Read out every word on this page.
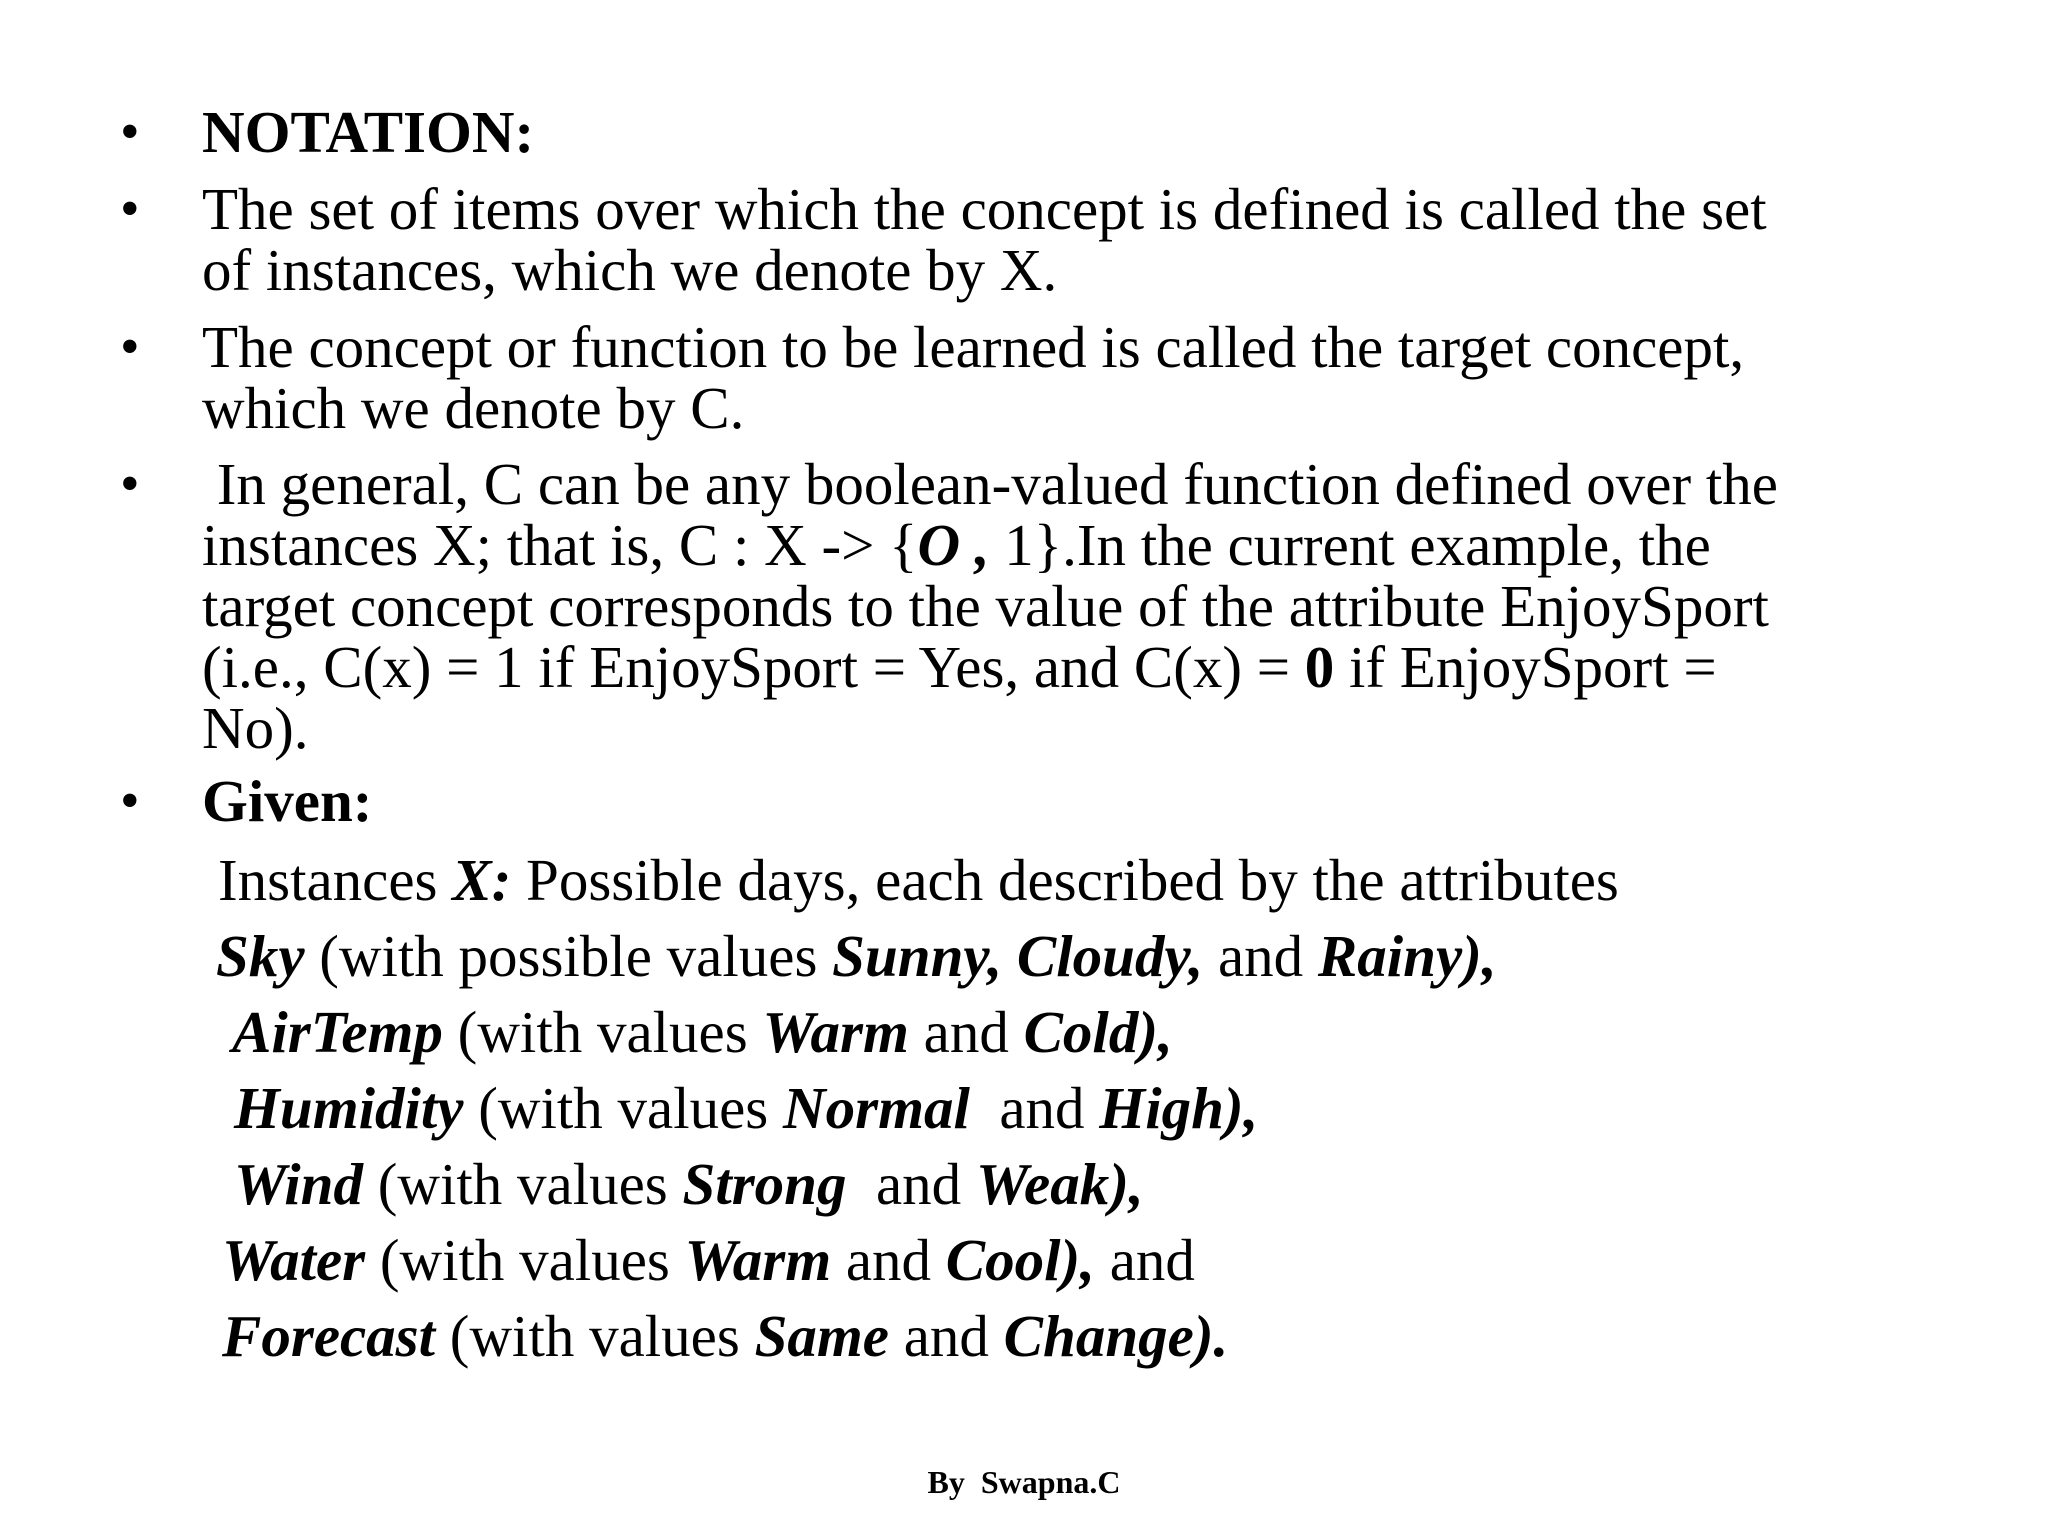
• NOTATION:
• The set of items over which the concept is defined is called the set
of instances, which we denote by X.
• The concept or function to be learned is called the target concept,
which we denote by C.
• In general, C can be any boolean-valued function defined over the
instances X; that is, C : X -> {O , 1}.In the current example, the
target concept corresponds to the value of the attribute EnjoySport
(i.e., C(x) = 1 if EnjoySport = Yes, and C(x) = 0 if EnjoySport =
No).
• Given:
Instances X: Possible days, each described by the attributes
Sky (with possible values Sunny, Cloudy, and Rainy),
AirTemp (with values Warm and Cold),
Humidity (with values Normal  and High),
Wind (with values Strong  and Weak),
Water (with values Warm and Cool), and
Forecast (with values Same and Change).
By  Swapna.C
